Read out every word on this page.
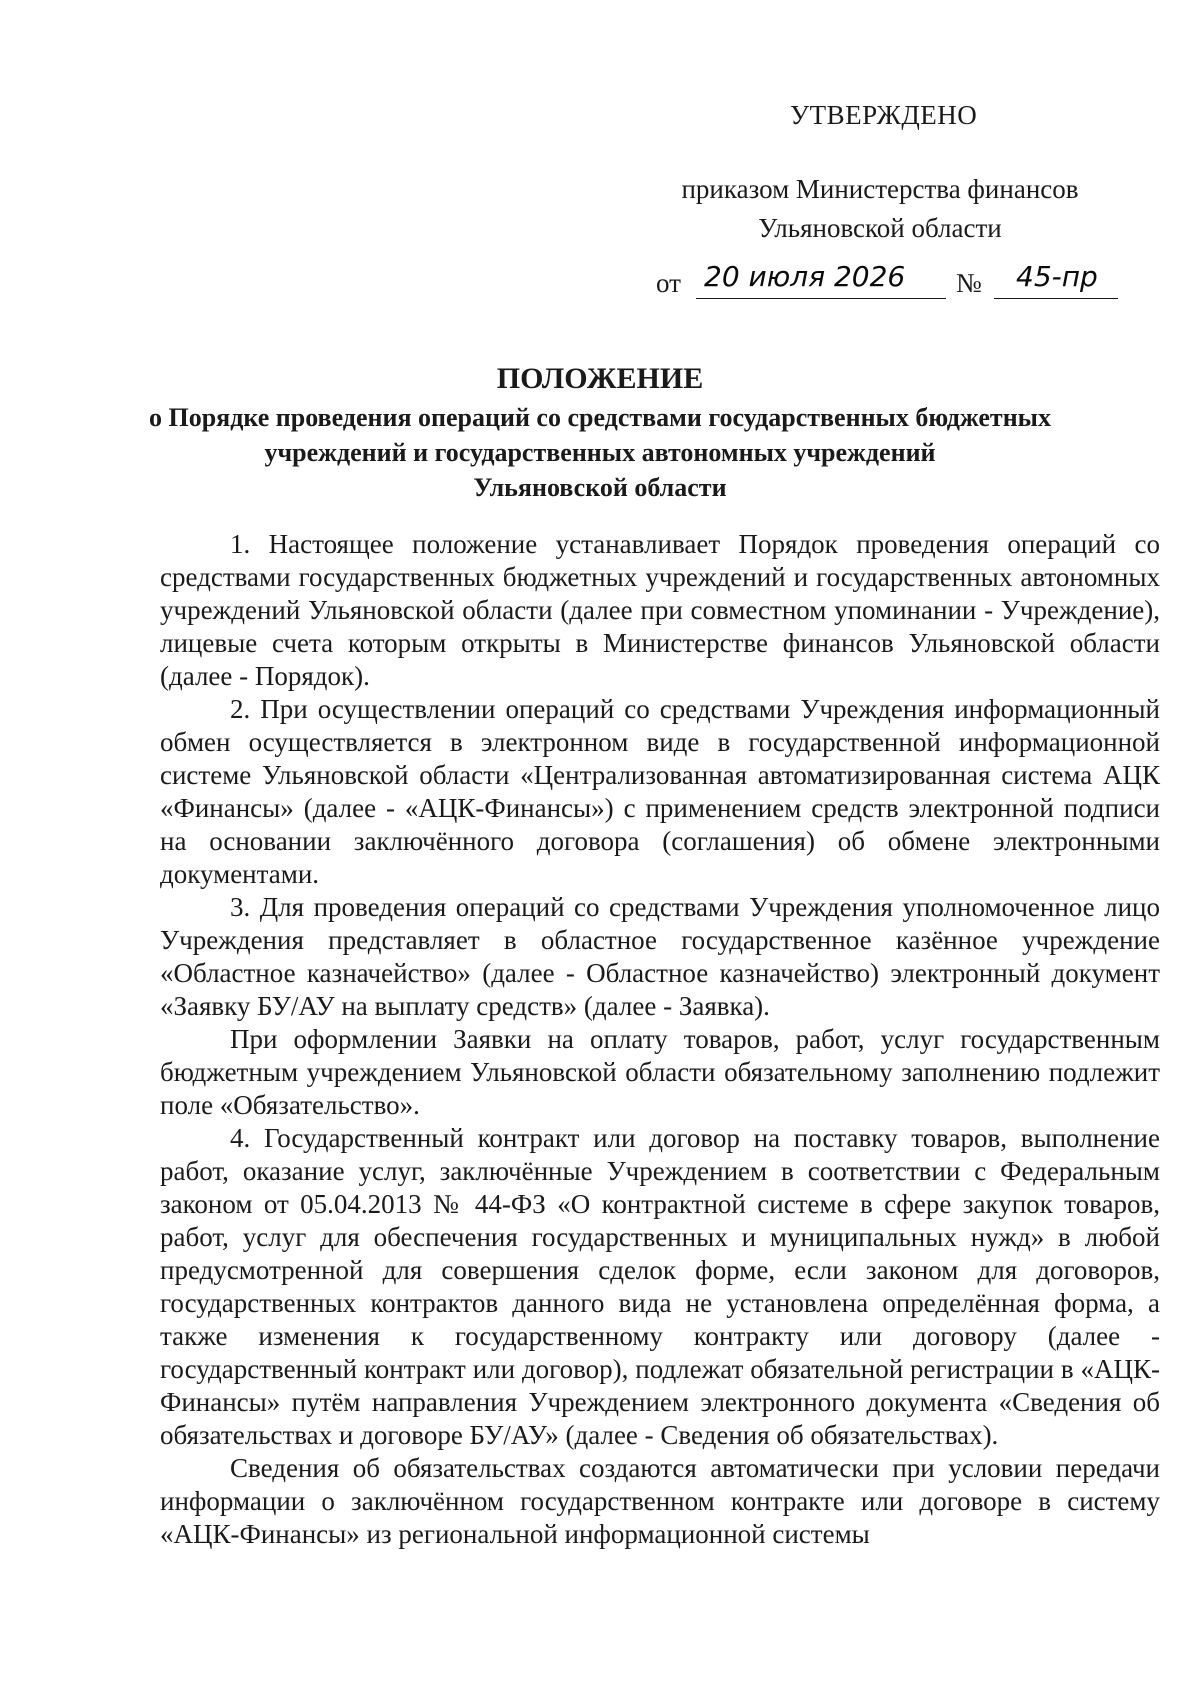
УТВЕРЖДЕНО
приказом Министерства финансов
Ульяновской области
от 20 июля 2026 № 45-пр
ПОЛОЖЕНИЕ
о Порядке проведения операций со средствами государственных бюджетных
учреждений и государственных автономных учреждений
Ульяновской области

1. Настоящее положение устанавливает Порядок проведения операций со средствами государственных бюджетных учреждений и государственных автономных учреждений Ульяновской области (далее при совместном упоминании - Учреждение), лицевые счета которым открыты в Министерстве финансов Ульяновской области (далее - Порядок).

2. При осуществлении операций со средствами Учреждения информационный обмен осуществляется в электронном виде в государственной информационной системе Ульяновской области «Централизованная автоматизированная система АЦК «Финансы» (далее - «АЦК-Финансы») с применением средств электронной подписи на основании заключённого договора (соглашения) об обмене электронными документами.

3. Для проведения операций со средствами Учреждения уполномоченное лицо Учреждения представляет в областное государственное казённое учреждение «Областное казначейство» (далее - Областное казначейство) электронный документ «Заявку БУ/АУ на выплату средств» (далее - Заявка).

При оформлении Заявки на оплату товаров, работ, услуг государственным бюджетным учреждением Ульяновской области обязательному заполнению подлежит поле «Обязательство».

4. Государственный контракт или договор на поставку товаров, выполнение работ, оказание услуг, заключённые Учреждением в соответствии с Федеральным законом от 05.04.2013 № 44-ФЗ «О контрактной системе в сфере закупок товаров, работ, услуг для обеспечения государственных и муниципальных нужд» в любой предусмотренной для совершения сделок форме, если законом для договоров, государственных контрактов данного вида не установлена определённая форма, а также изменения к государственному контракту или договору (далее - государственный контракт или договор), подлежат обязательной регистрации в «АЦК-Финансы» путём направления Учреждением электронного документа «Сведения об обязательствах и договоре БУ/АУ» (далее - Сведения об обязательствах).

Сведения об обязательствах создаются автоматически при условии передачи информации о заключённом государственном контракте или договоре в систему «АЦК-Финансы» из региональной информационной системы
